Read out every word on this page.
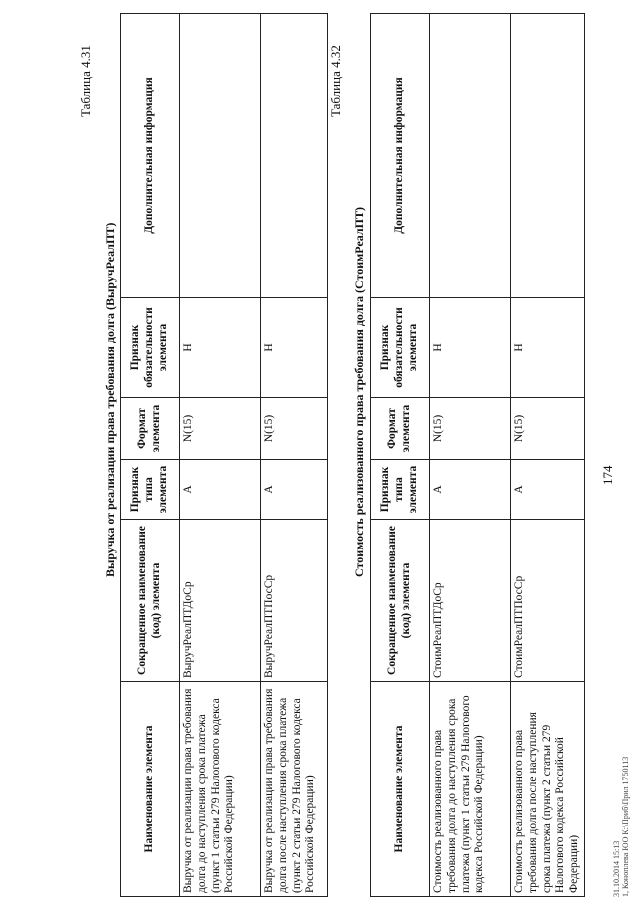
174
Таблица 4.31
Выручка от реализации права требования долга (ВыручРеалПТ)
Наименование элемента	Сокращенное наименование (код) элемента	Признак типа элемента	Формат элемента	Признак обязательности элемента	Дополнительная информация
Выручка от реализации права требования долга до наступления срока платежа (пункт 1 статьи 279 Налогового кодекса Российской Федерации)	ВыручРеалПТДоСр	А	N(15)	Н	
Выручка от реализации права требования долга после наступления срока платежа (пункт 2 статьи 279 Налогового кодекса Российской Федерации)	ВыручРеалПТПосСр	А	N(15)	Н	
Таблица 4.32
Стоимость реализованного права требования долга (СтоимРеалПТ)
Наименование элемента	Сокращенное наименование (код) элемента	Признак типа элемента	Формат элемента	Признак обязательности элемента	Дополнительная информация
Стоимость реализованного права требования долга до наступления срока платежа (пункт 1 статьи 279 Налогового кодекса Российской Федерации)	СтоимРеалПТДоСр	А	N(15)	Н	
Стоимость реализованного права требования долга после наступления срока платежа (пункт 2 статьи 279 Налогового кодекса Российской Федерации)	СтоимРеалПТПосСр	А	N(15)	Н	
31.10.2014 15:13 1, Коноплева ЮО К:\Приб\Прил 1750113
